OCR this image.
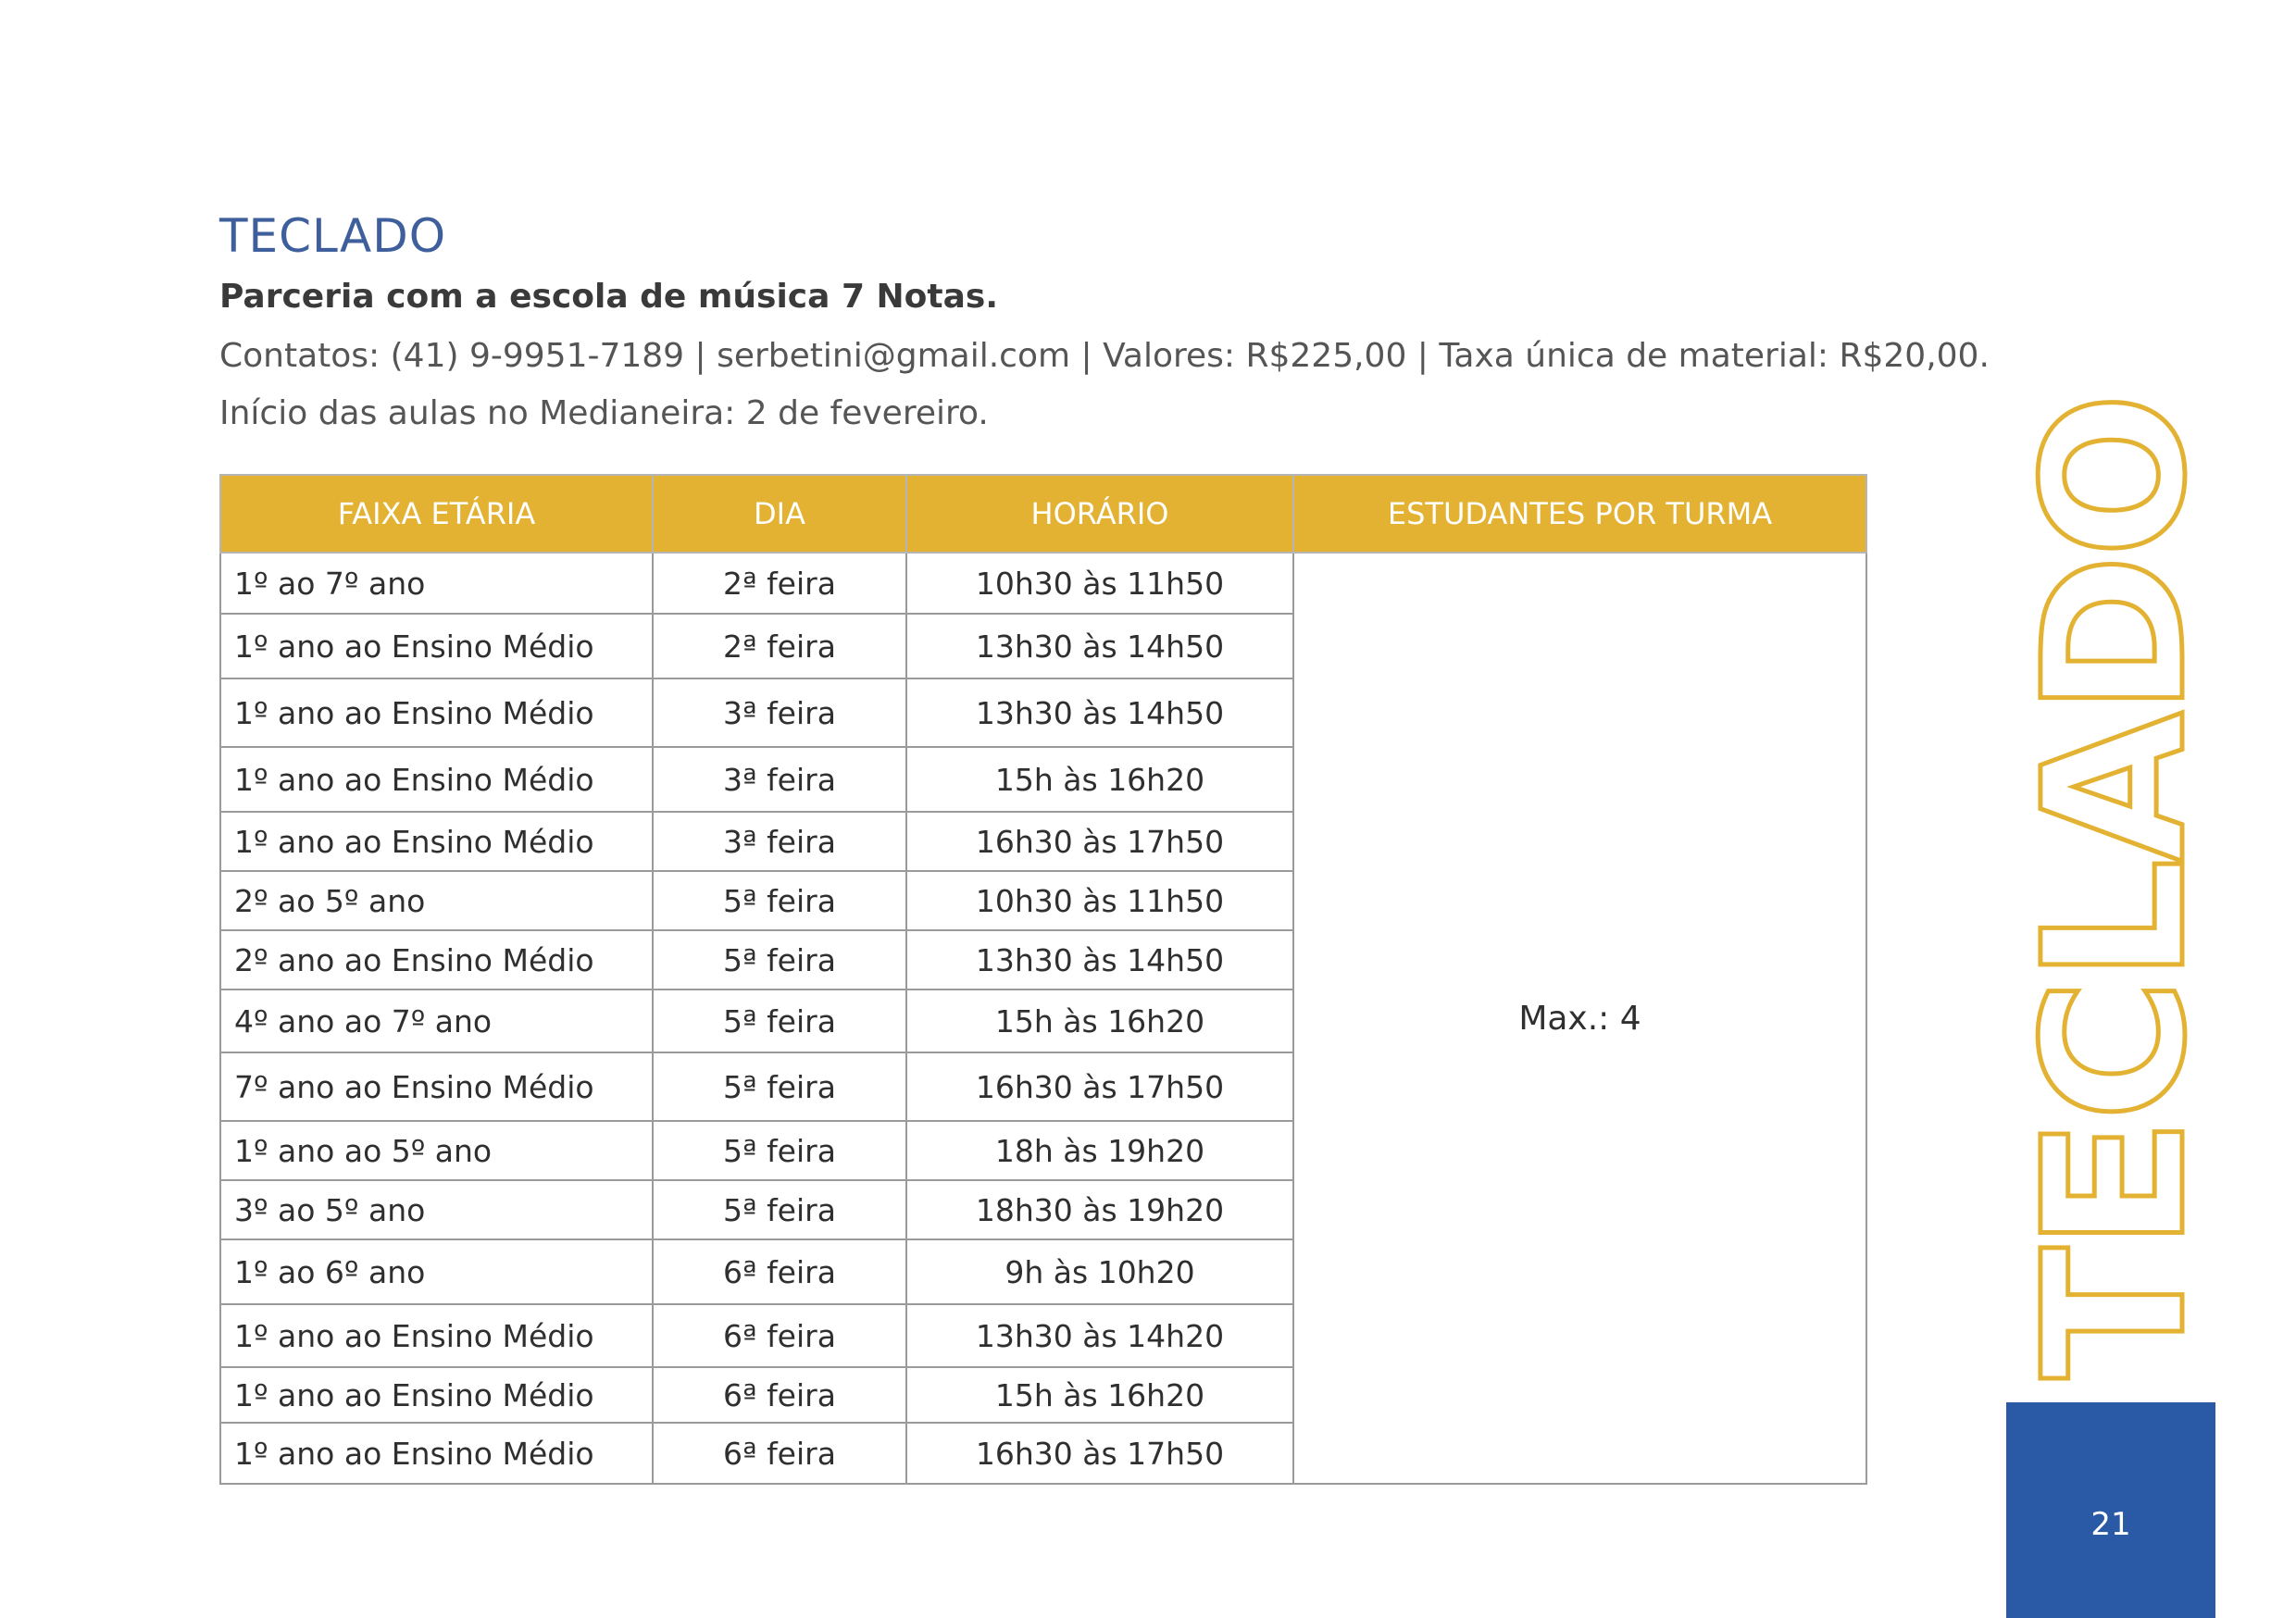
TECLADO

Parceria com a escola de música 7 Notas.

Contatos: (41) 9-9951-7189 | serbetini@gmail.com | Valores: R$225,00 | Taxa única de material: R$20,00.

Início das aulas no Medianeira: 2 de fevereiro.

FAIXA ETÁRIA	DIA	HORÁRIO	ESTUDANTES POR TURMA
1º ao 7º ano	2ª feira	10h30 às 11h50	Max.: 4
1º ano ao Ensino Médio	2ª feira	13h30 às 14h50	
1º ano ao Ensino Médio	3ª feira	13h30 às 14h50	
1º ano ao Ensino Médio	3ª feira	15h às 16h20	
1º ano ao Ensino Médio	3ª feira	16h30 às 17h50	
2º ao 5º ano	5ª feira	10h30 às 11h50	
2º ano ao Ensino Médio	5ª feira	13h30 às 14h50	
4º ano ao 7º ano	5ª feira	15h às 16h20	
7º ano ao Ensino Médio	5ª feira	16h30 às 17h50	
1º ano ao 5º ano	5ª feira	18h às 19h20	
3º ao 5º ano	5ª feira	18h30 às 19h20	
1º ao 6º ano	6ª feira	9h às 10h20	
1º ano ao Ensino Médio	6ª feira	13h30 às 14h20	
1º ano ao Ensino Médio	6ª feira	15h às 16h20	
1º ano ao Ensino Médio	6ª feira	16h30 às 17h50	
TECLADO
21
